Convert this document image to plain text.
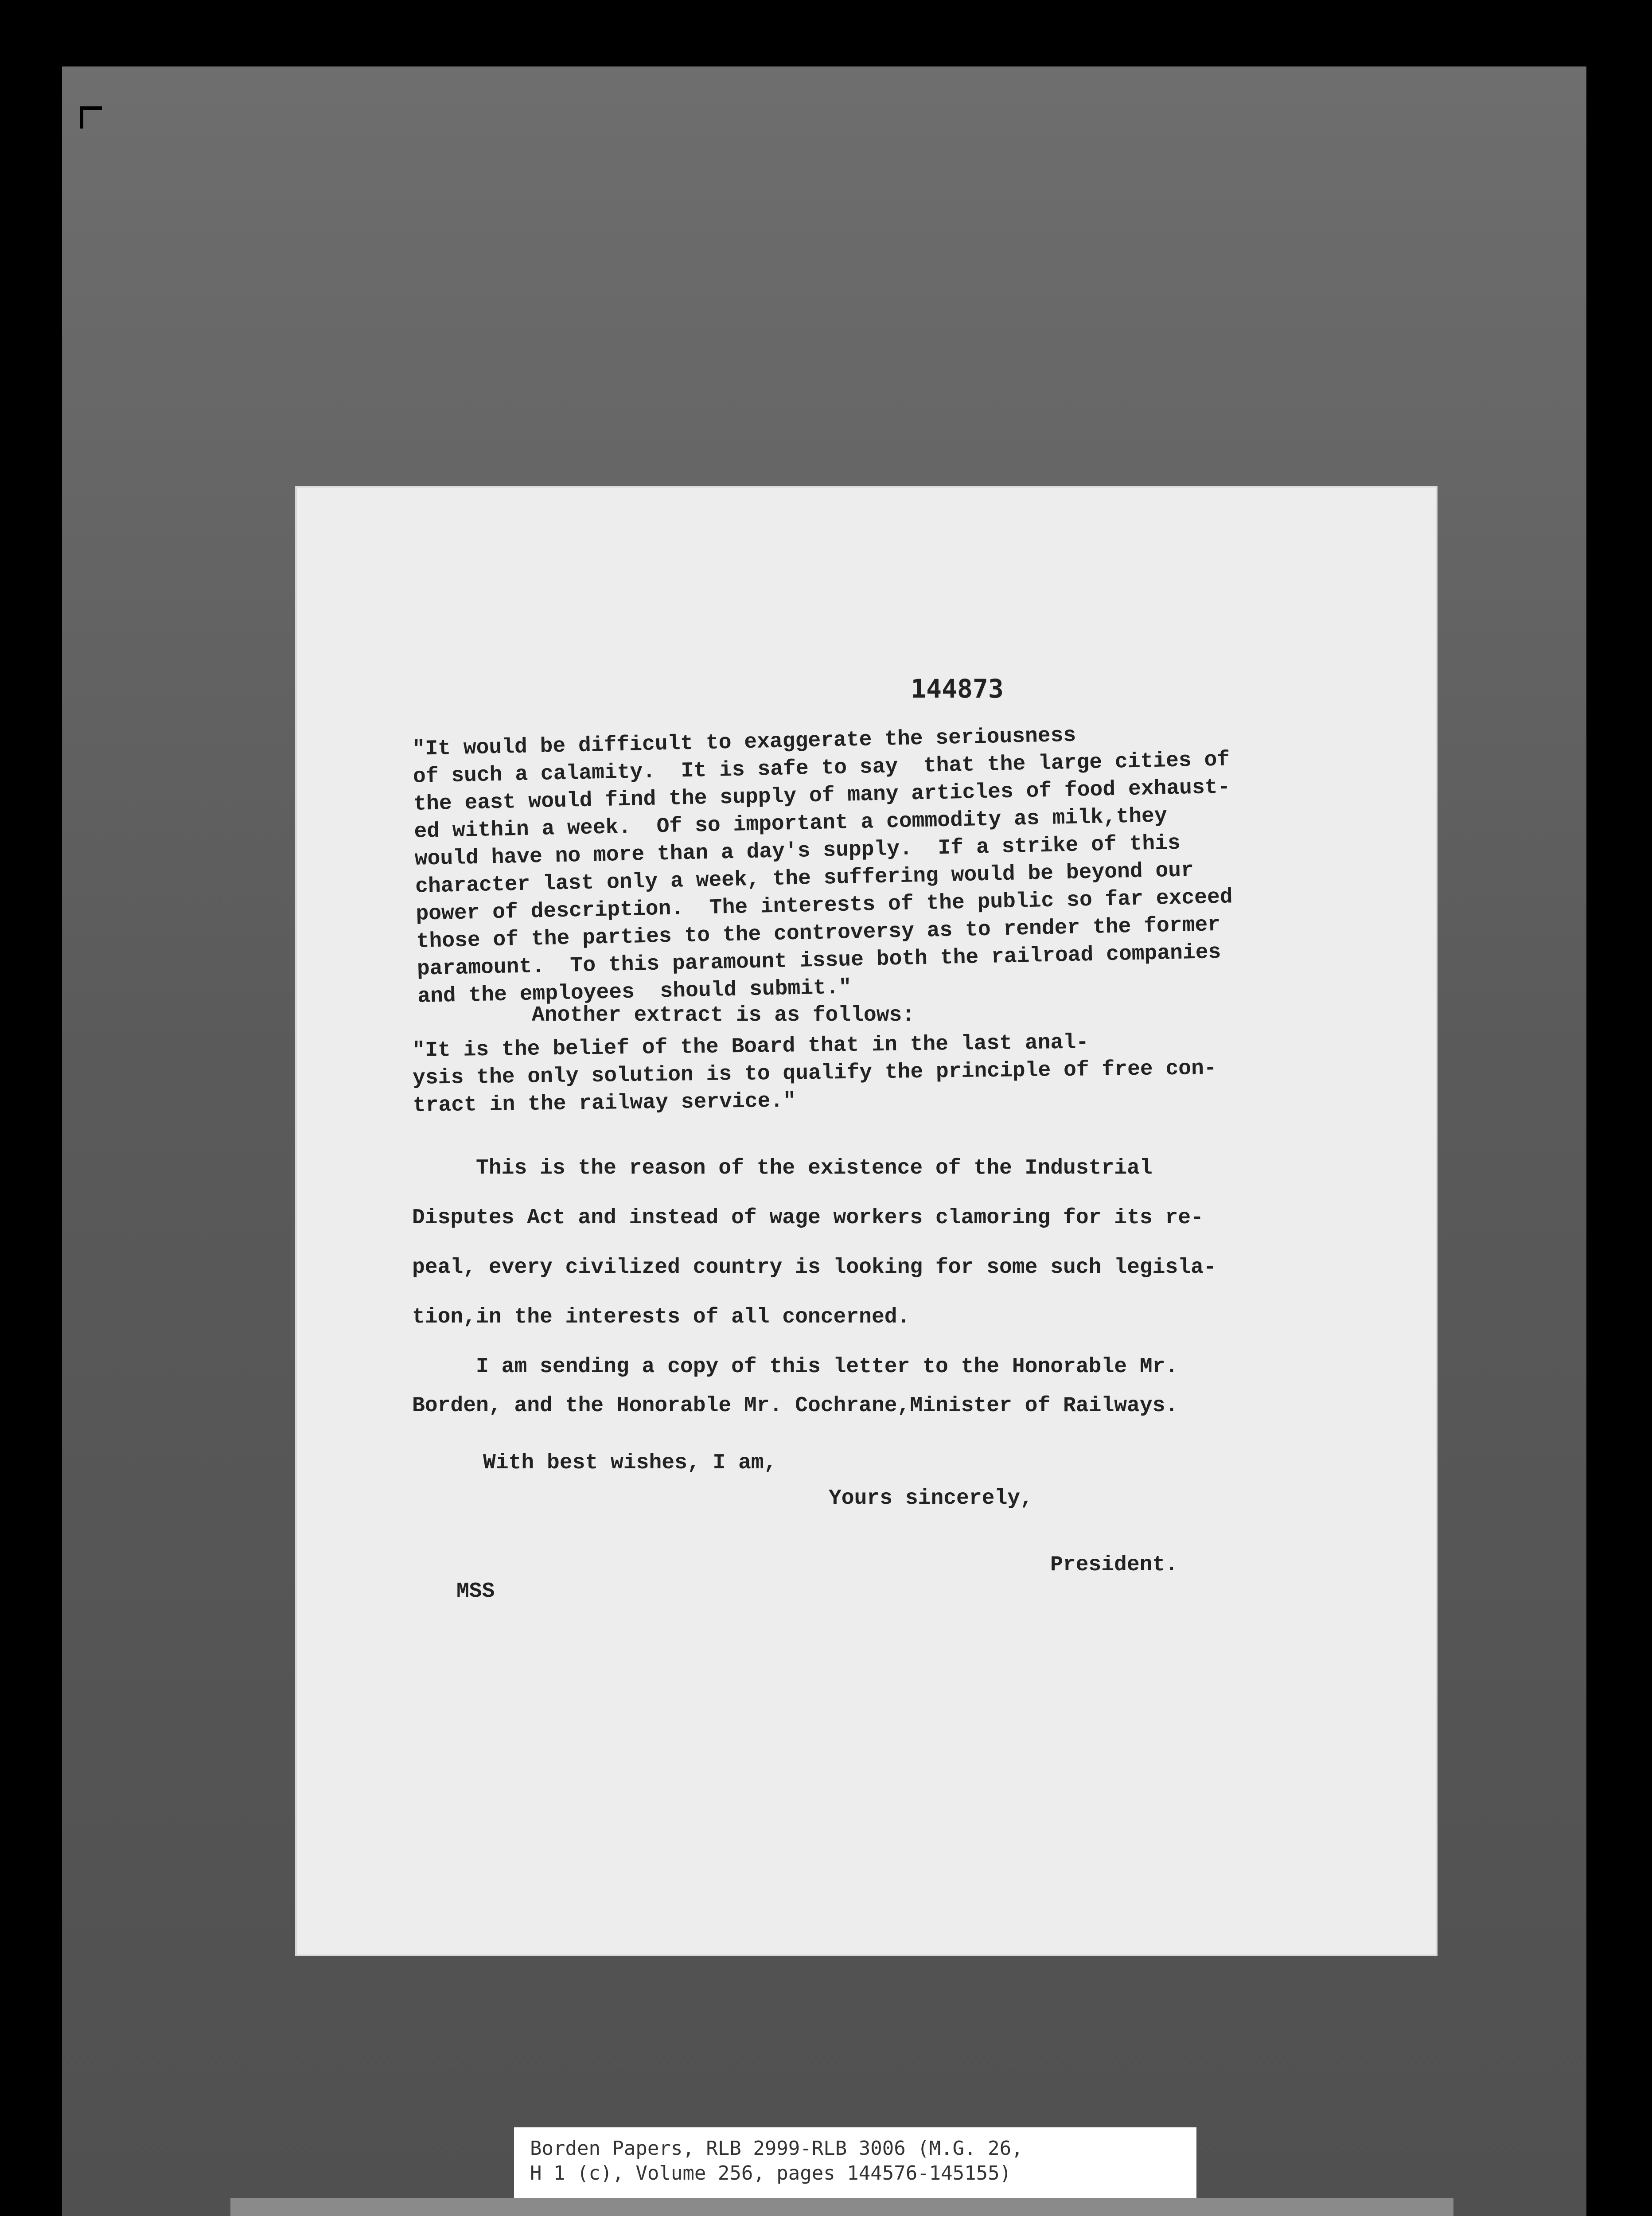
144873
"It would be difficult to exaggerate the seriousness
of such a calamity.  It is safe to say  that the large cities of
the east would find the supply of many articles of food exhaust-
ed within a week.  Of so important a commodity as milk,they
would have no more than a day's supply.  If a strike of this
character last only a week, the suffering would be beyond our
power of description.  The interests of the public so far exceed
those of the parties to the controversy as to render the former
paramount.  To this paramount issue both the railroad companies
and the employees  should submit."
Another extract is as follows:
"It is the belief of the Board that in the last anal-
ysis the only solution is to qualify the principle of free con-
tract in the railway service."
This is the reason of the existence of the Industrial
Disputes Act and instead of wage workers clamoring for its re-
peal, every civilized country is looking for some such legisla-
tion,in the interests of all concerned.
I am sending a copy of this letter to the Honorable Mr.
Borden, and the Honorable Mr. Cochrane,Minister of Railways.
With best wishes, I am,
Yours sincerely,
President.
MSS
Borden Papers, RLB 2999-RLB 3006 (M.G. 26,
H 1 (c), Volume 256, pages 144576-145155)
